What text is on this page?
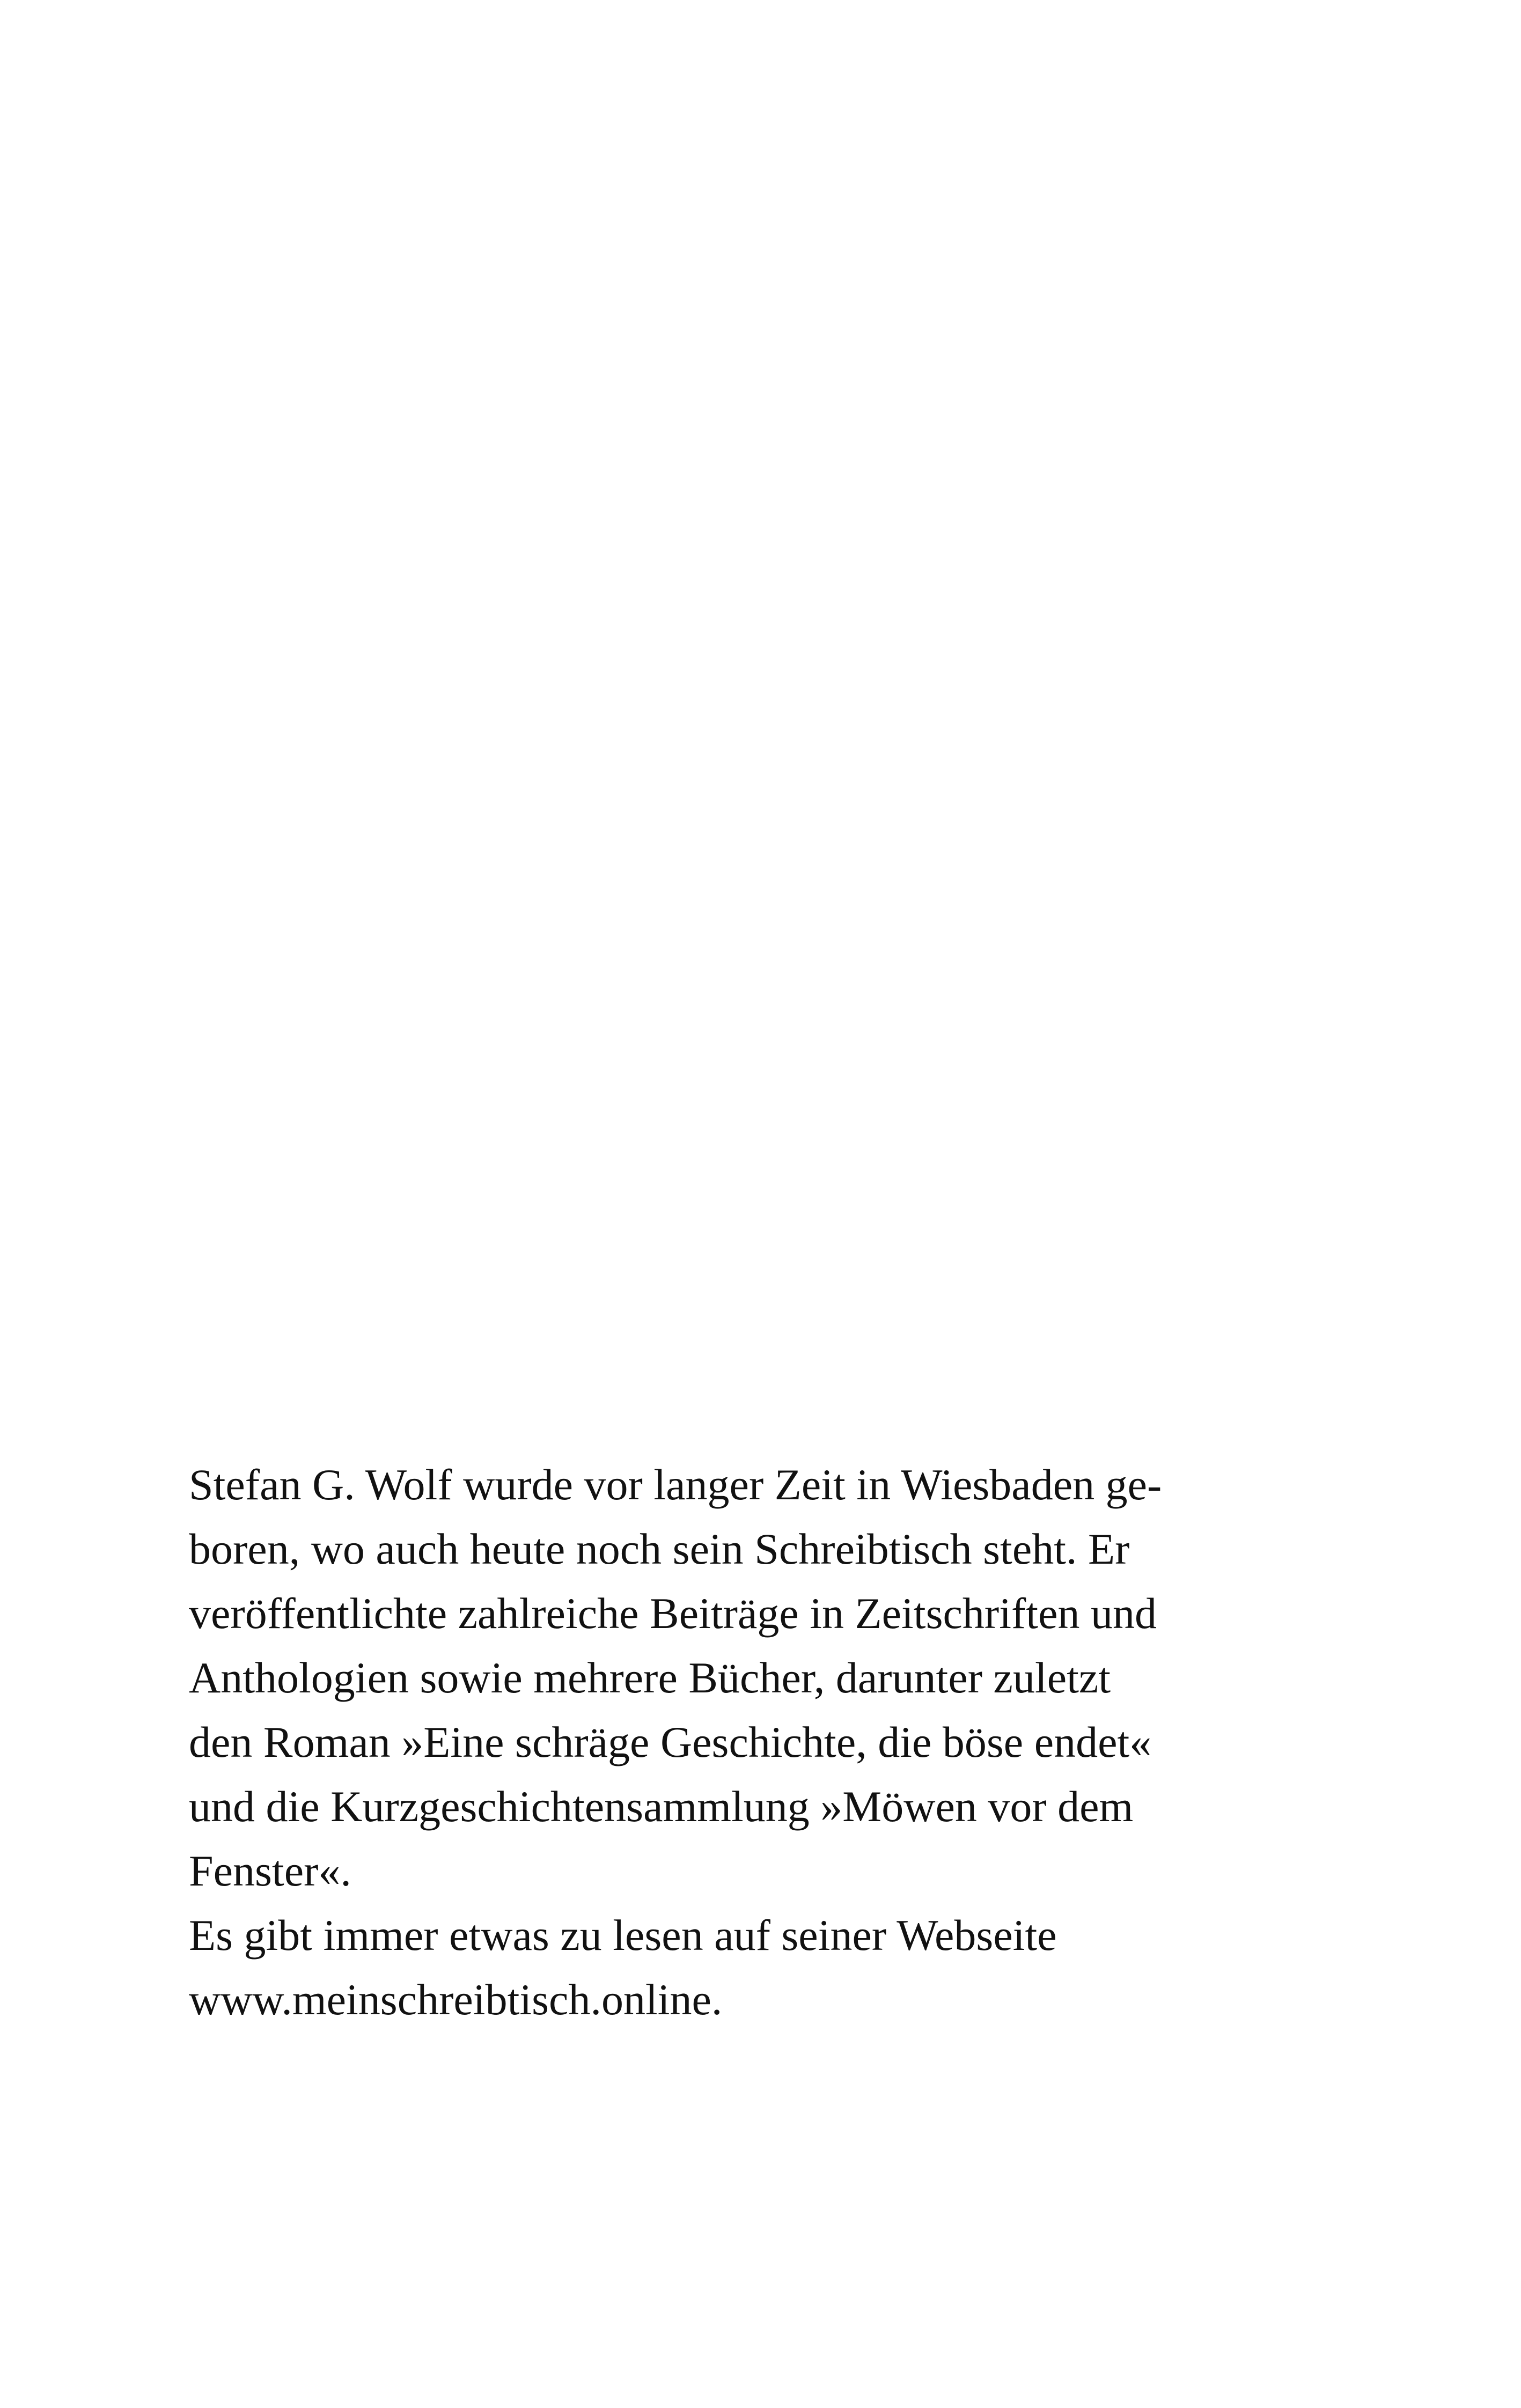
Stefan G. Wolf wurde vor langer Zeit in Wiesbaden ge-
boren, wo auch heute noch sein Schreibtisch steht. Er
veröffentlichte zahlreiche Beiträge in Zeitschriften und
Anthologien sowie mehrere Bücher, darunter zuletzt
den Roman »Eine schräge Geschichte, die böse endet«
und die Kurzgeschichtensammlung »Möwen vor dem
Fenster«.
Es gibt immer etwas zu lesen auf seiner Webseite
www.meinschreibtisch.online.
